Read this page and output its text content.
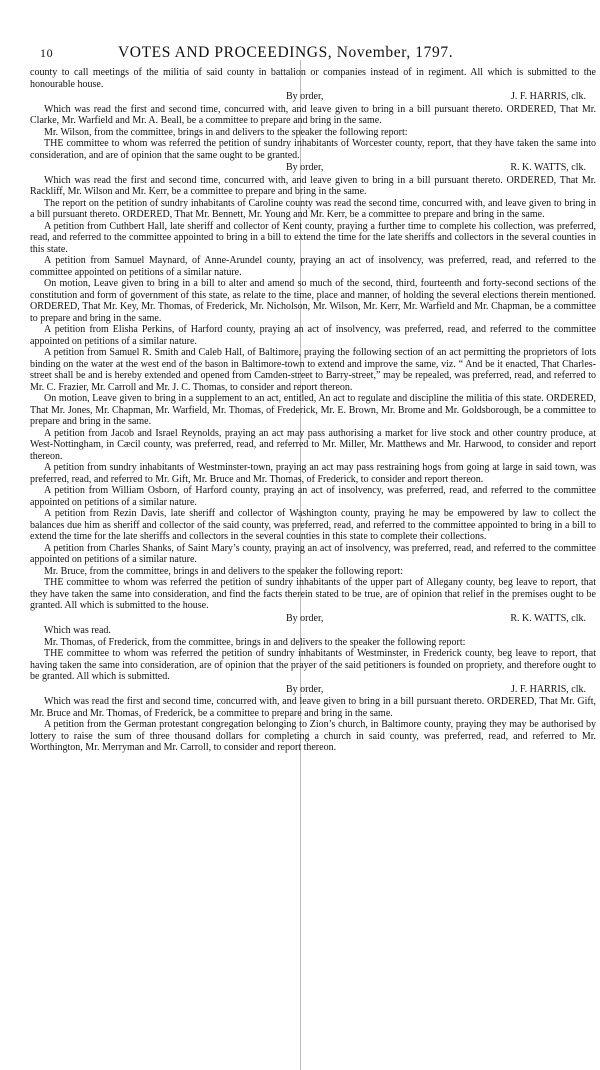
10	VOTES AND PROCEEDINGS, November, 1797.

county to call meetings of the militia of said county in battalion or companies instead of in regiment. All which is submitted to the honourable house.

By order,	J. F. HARRIS, clk.

Which was read the first and second time, concurred with, and leave given to bring in a bill pursuant thereto. ORDERED, That Mr. Clarke, Mr. Warfield and Mr. A. Beall, be a committee to prepare and bring in the same.

Mr. Wilson, from the committee, brings in and delivers to the speaker the following report:

THE committee to whom was referred the petition of sundry inhabitants of Worcester county, report, that they have taken the same into consideration, and are of opinion that the same ought to be granted.

By order,	R. K. WATTS, clk.

Which was read the first and second time, concurred with, and leave given to bring in a bill pursuant thereto. ORDERED, That Mr. Rackliff, Mr. Wilson and Mr. Kerr, be a committee to prepare and bring in the same.

The report on the petition of sundry inhabitants of Caroline county was read the second time, concurred with, and leave given to bring in a bill pursuant thereto. ORDERED, That Mr. Bennett, Mr. Young and Mr. Kerr, be a committee to prepare and bring in the same.

A petition from Cuthbert Hall, late sheriff and collector of Kent county, praying a further time to complete his collection, was preferred, read, and referred to the committee appointed to bring in a bill to extend the time for the late sheriffs and collectors in the several counties in this state.

A petition from Samuel Maynard, of Anne-Arundel county, praying an act of insolvency, was preferred, read, and referred to the committee appointed on petitions of a similar nature.

On motion, Leave given to bring in a bill to alter and amend so much of the second, third, fourteenth and forty-second sections of the constitution and form of government of this state, as relate to the time, place and manner, of holding the several elections therein mentioned. ORDERED, That Mr. Key, Mr. Thomas, of Frederick, Mr. Nicholson, Mr. Wilson, Mr. Kerr, Mr. Warfield and Mr. Chapman, be a committee to prepare and bring in the same.

A petition from Elisha Perkins, of Harford county, praying an act of insolvency, was preferred, read, and referred to the committee appointed on petitions of a similar nature.

A petition from Samuel R. Smith and Caleb Hall, of Baltimore, praying the following section of an act permitting the proprietors of lots binding on the water at the west end of the bason in Baltimore-town to extend and improve the same, viz. “ And be it enacted, That Charles-street shall be and is hereby extended and opened from Camden-street to Barry-street,” may be repealed, was preferred, read, and referred to Mr. C. Frazier, Mr. Carroll and Mr. J. C. Thomas, to consider and report thereon.

On motion, Leave given to bring in a supplement to an act, entitled, An act to regulate and discipline the militia of this state. ORDERED, That Mr. Jones, Mr. Chapman, Mr. Warfield, Mr. Thomas, of Frederick, Mr. E. Brown, Mr. Brome and Mr. Goldsborough, be a committee to prepare and bring in the same.

A petition from Jacob and Israel Reynolds, praying an act may pass authorising a market for live stock and other country produce, at West-Nottingham, in Cæcil county, was preferred, read, and referred to Mr. Miller, Mr. Matthews and Mr. Harwood, to consider and report thereon.

A petition from sundry inhabitants of Westminster-town, praying an act may pass restraining hogs from going at large in said town, was preferred, read, and referred to Mr. Gift, Mr. Bruce and Mr. Thomas, of Frederick, to consider and report thereon.

A petition from William Osborn, of Harford county, praying an act of insolvency, was preferred, read, and referred to the committee appointed on petitions of a similar nature.

A petition from Rezin Davis, late sheriff and collector of Washington county, praying he may be empowered by law to collect the balances due him as sheriff and collector of the said county, was preferred, read, and referred to the committee appointed to bring in a bill to extend the time for the late sheriffs and collectors in the several counties in this state to complete their collections.

A petition from Charles Shanks, of Saint Mary’s county, praying an act of insolvency, was preferred, read, and referred to the committee appointed on petitions of a similar nature.

Mr. Bruce, from the committee, brings in and delivers to the speaker the following report:

THE committee to whom was referred the petition of sundry inhabitants of the upper part of Allegany county, beg leave to report, that they have taken the same into consideration, and find the facts therein stated to be true, are of opinion that relief in the premises ought to be granted. All which is submitted to the house.

By order,	R. K. WATTS, clk.

Which was read.

Mr. Thomas, of Frederick, from the committee, brings in and delivers to the speaker the following report:

THE committee to whom was referred the petition of sundry inhabitants of Westminster, in Frederick county, beg leave to report, that having taken the same into consideration, are of opinion that the prayer of the said petitioners is founded on propriety, and therefore ought to be granted. All which is submitted.

By order,	J. F. HARRIS, clk.

Which was read the first and second time, concurred with, and leave given to bring in a bill pursuant thereto. ORDERED, That Mr. Gift, Mr. Bruce and Mr. Thomas, of Frederick, be a committee to prepare and bring in the same.

A petition from the German protestant congregation belonging to Zion’s church, in Baltimore county, praying they may be authorised by lottery to raise the sum of three thousand dollars for completing a church in said county, was preferred, read, and referred to Mr. Worthington, Mr. Merryman and Mr. Carroll, to consider and report thereon.
